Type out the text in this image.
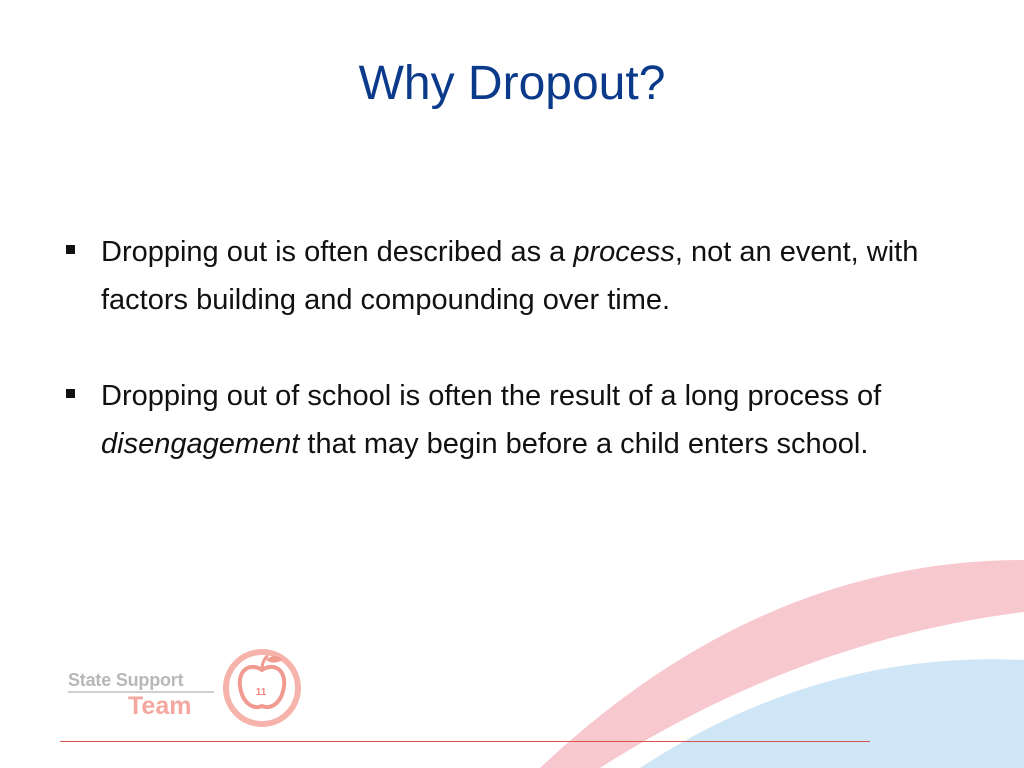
Why Dropout?
Dropping out is often described as a process, not an event, with factors building and compounding over time.
Dropping out of school is often the result of a long process of disengagement that may begin before a child enters school.
State Support
Team	11
